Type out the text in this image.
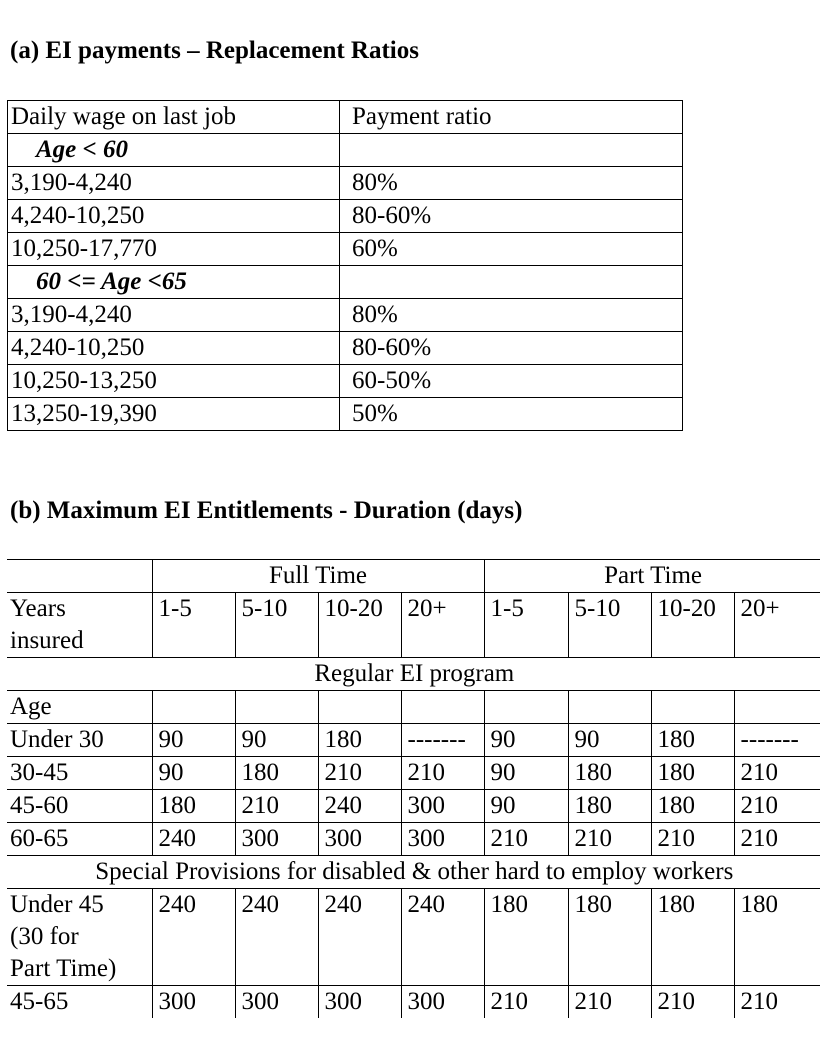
(a) EI payments – Replacement Ratios
Daily wage on last job	Payment ratio
Age < 60	
3,190-4,240	80%
4,240-10,250	80-60%
10,250-17,770	60%
60 <= Age <65	
3,190-4,240	80%
4,240-10,250	80-60%
10,250-13,250	60-50%
13,250-19,390	50%
(b) Maximum EI Entitlements - Duration (days)
	Full Time				Part Time			

Years
insured	1-5	5-10	10-20	20+	1-5	5-10	10-20	20+
Regular EI program								
Age								
Under 30	90	90	180	-------	90	90	180	-------
30-45	90	180	210	210	90	180	180	210
45-60	180	210	240	300	90	180	180	210
60-65	240	300	300	300	210	210	210	210
Special Provisions for disabled & other hard to employ workers								

Under 45
(30 for
Part Time)	240	240	240	240	180	180	180	180

45-65	300	300	300	300	210	210	210	210
